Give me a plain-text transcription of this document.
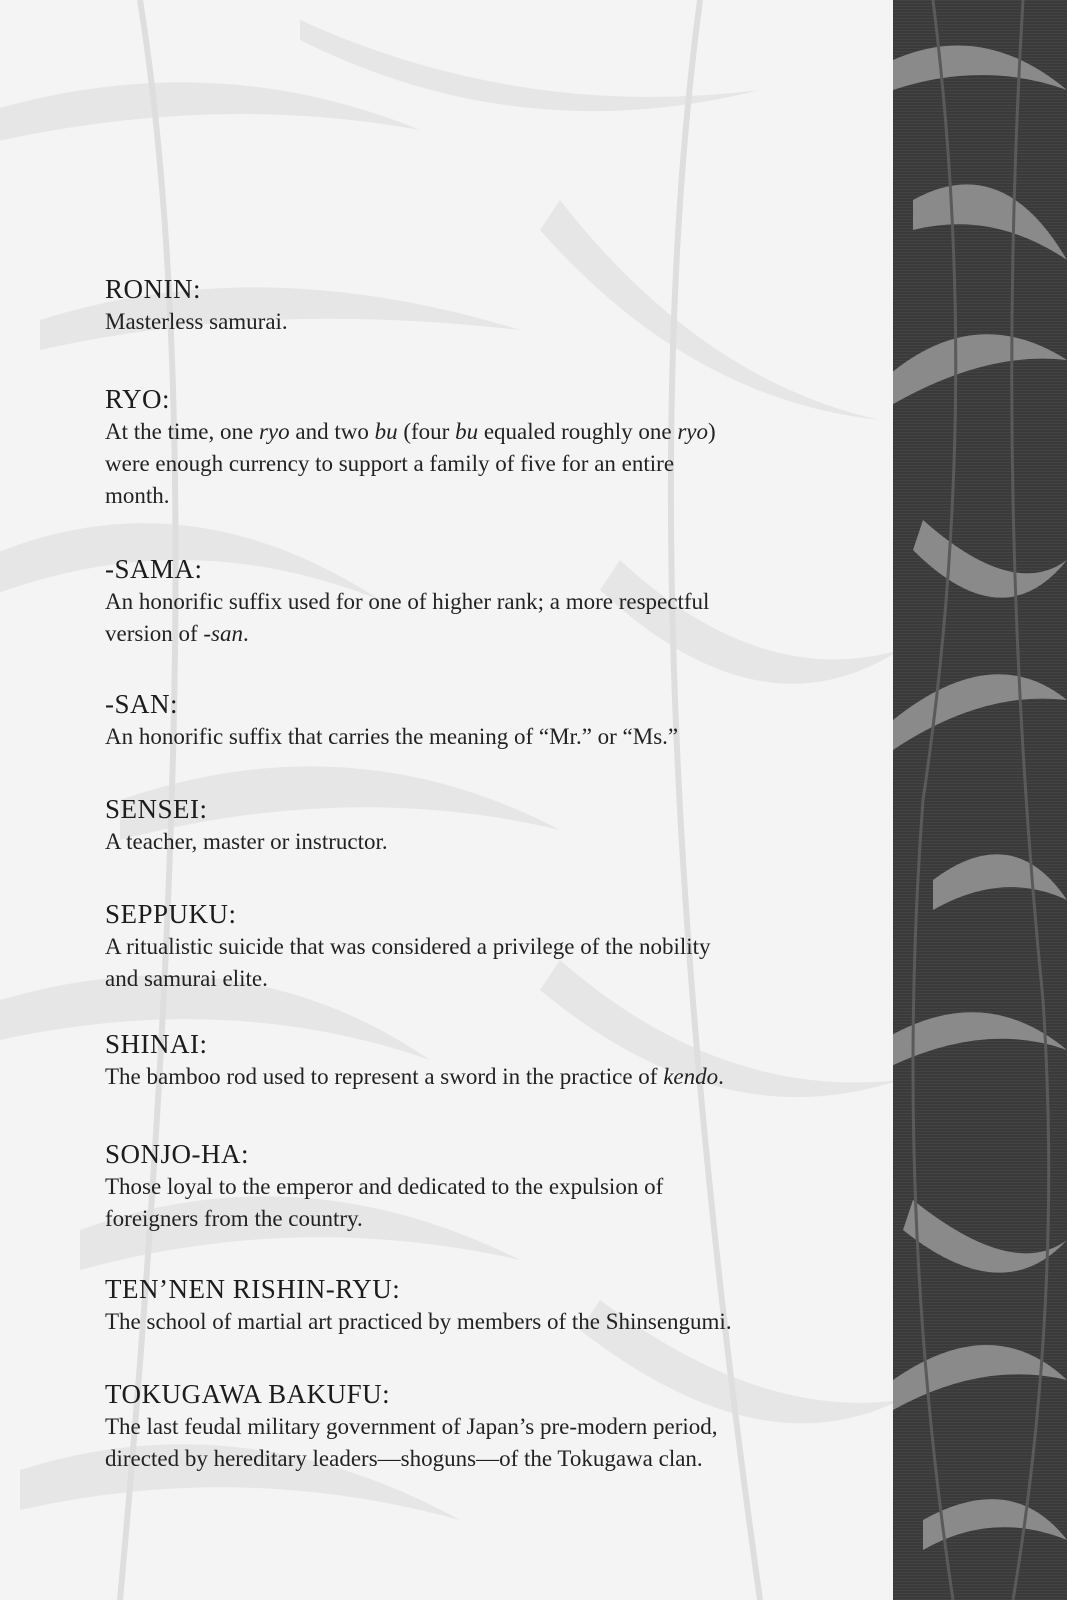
RONIN:
Masterless samurai.
RYO:
At the time, one ryo and two bu (four bu equaled roughly one ryo)
were enough currency to support a family of five for an entire
month.
-SAMA:
An honorific suffix used for one of higher rank; a more respectful
version of -san.
-SAN:
An honorific suffix that carries the meaning of “Mr.” or “Ms.”
SENSEI:
A teacher, master or instructor.
SEPPUKU:
A ritualistic suicide that was considered a privilege of the nobility
and samurai elite.
SHINAI:
The bamboo rod used to represent a sword in the practice of kendo.
SONJO-HA:
Those loyal to the emperor and dedicated to the expulsion of
foreigners from the country.
TEN’NEN RISHIN-RYU:
The school of martial art practiced by members of the Shinsengumi.
TOKUGAWA BAKUFU:
The last feudal military government of Japan’s pre-modern period,
directed by hereditary leaders—shoguns—of the Tokugawa clan.
